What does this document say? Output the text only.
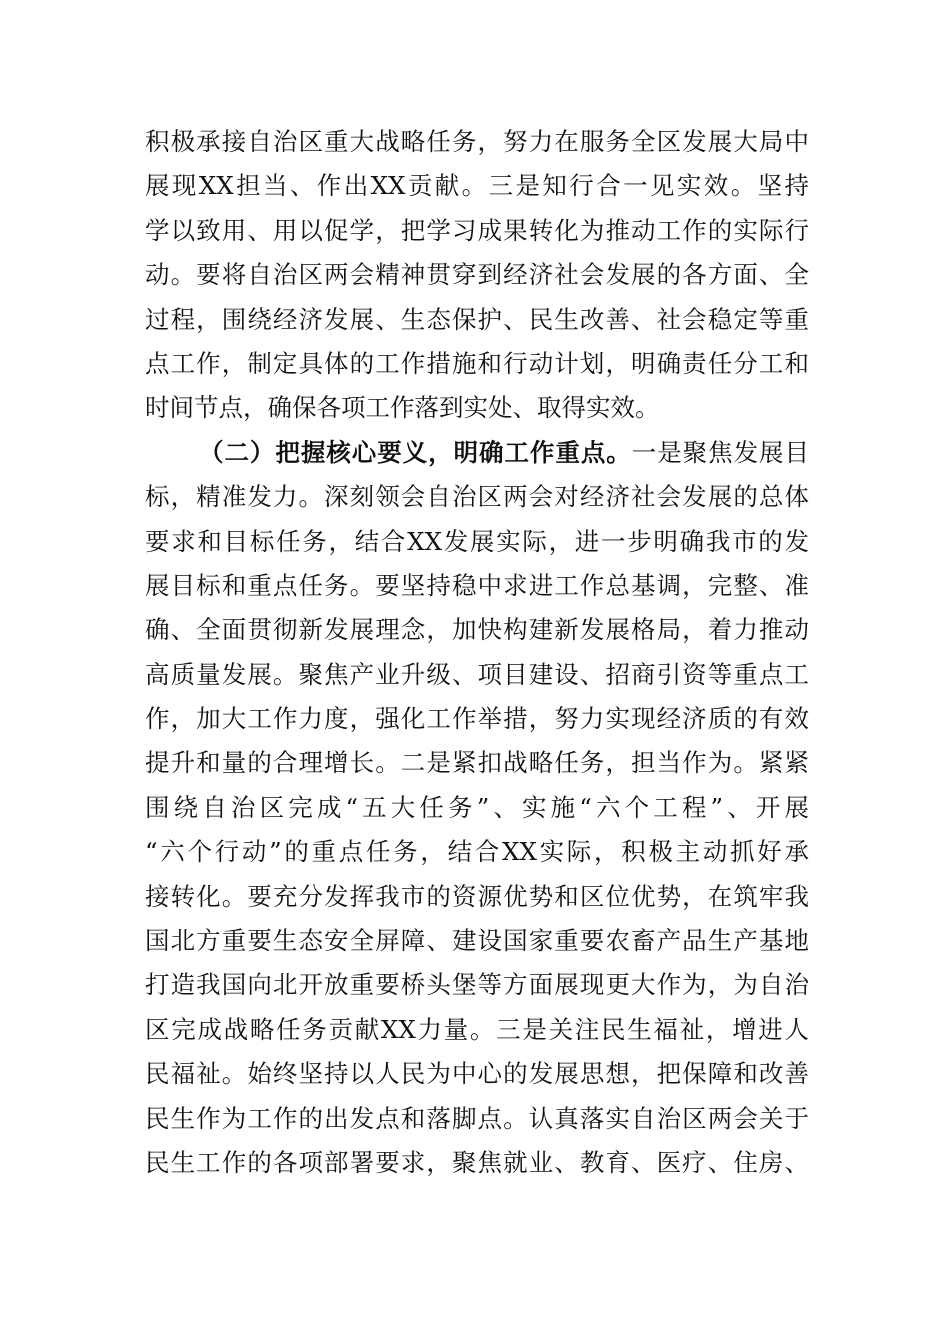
积极承接自治区重大战略任务，努力在服务全区发展大局中
展现XX担当、作出XX贡献。三是知行合一见实效。坚持
学以致用、用以促学，把学习成果转化为推动工作的实际行
动。要将自治区两会精神贯穿到经济社会发展的各方面、全
过程，围绕经济发展、生态保护、民生改善、社会稳定等重
点工作，制定具体的工作措施和行动计划，明确责任分工和
时间节点，确保各项工作落到实处、取得实效。
（二）把握核心要义，明确工作重点。一是聚焦发展目
标，精准发力。深刻领会自治区两会对经济社会发展的总体
要求和目标任务，结合XX发展实际，进一步明确我市的发
展目标和重点任务。要坚持稳中求进工作总基调，完整、准
确、全面贯彻新发展理念，加快构建新发展格局，着力推动
高质量发展。聚焦产业升级、项目建设、招商引资等重点工
作，加大工作力度，强化工作举措，努力实现经济质的有效
提升和量的合理增长。二是紧扣战略任务，担当作为。紧紧
围绕自治区完成“五大任务”、实施“六个工程”、开展
“六个行动”的重点任务，结合XX实际，积极主动抓好承
接转化。要充分发挥我市的资源优势和区位优势，在筑牢我
国北方重要生态安全屏障、建设国家重要农畜产品生产基地
打造我国向北开放重要桥头堡等方面展现更大作为，为自治
区完成战略任务贡献XX力量。三是关注民生福祉，增进人
民福祉。始终坚持以人民为中心的发展思想，把保障和改善
民生作为工作的出发点和落脚点。认真落实自治区两会关于
民生工作的各项部署要求，聚焦就业、教育、医疗、住房、
